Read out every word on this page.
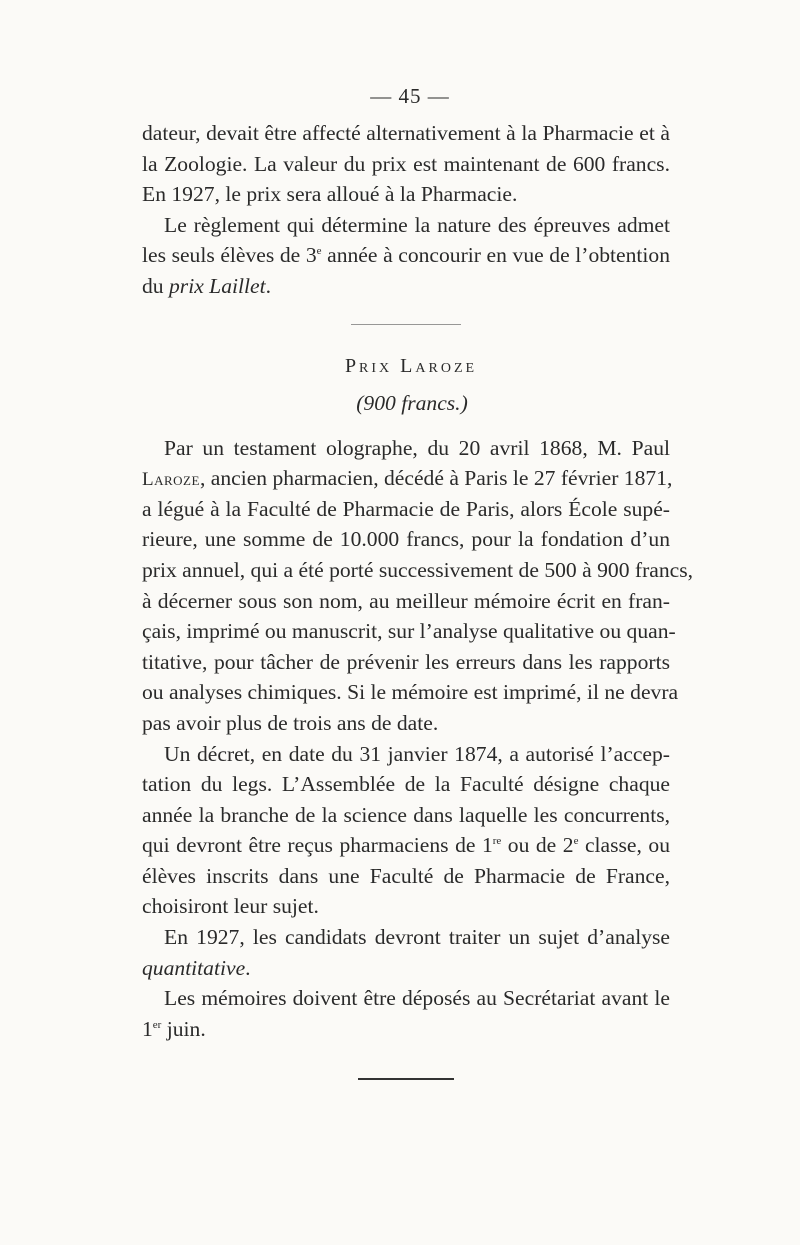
— 45 —

dateur, devait être affecté alternativement à la Pharmacie et à
la Zoologie. La valeur du prix est maintenant de 600 francs.
En 1927, le prix sera alloué à la Pharmacie.

Le règlement qui détermine la nature des épreuves admet
les seuls élèves de 3e année à concourir en vue de l’obtention
du prix Laillet.

Prix Laroze
(900 francs.)

Par un testament olographe, du 20 avril 1868, M. Paul
Laroze, ancien pharmacien, décédé à Paris le 27 février 1871,
a légué à la Faculté de Pharmacie de Paris, alors École supé-
rieure, une somme de 10.000 francs, pour la fondation d’un
prix annuel, qui a été porté successivement de 500 à 900 francs,
à décerner sous son nom, au meilleur mémoire écrit en fran-
çais, imprimé ou manuscrit, sur l’analyse qualitative ou quan-
titative, pour tâcher de prévenir les erreurs dans les rapports
ou analyses chimiques. Si le mémoire est imprimé, il ne devra
pas avoir plus de trois ans de date.

Un décret, en date du 31 janvier 1874, a autorisé l’accep-
tation du legs. L’Assemblée de la Faculté désigne chaque
année la branche de la science dans laquelle les concurrents,
qui devront être reçus pharmaciens de 1re ou de 2e classe, ou
élèves inscrits dans une Faculté de Pharmacie de France,
choisiront leur sujet.

En 1927, les candidats devront traiter un sujet d’analyse
quantitative.

Les mémoires doivent être déposés au Secrétariat avant le
1er juin.
